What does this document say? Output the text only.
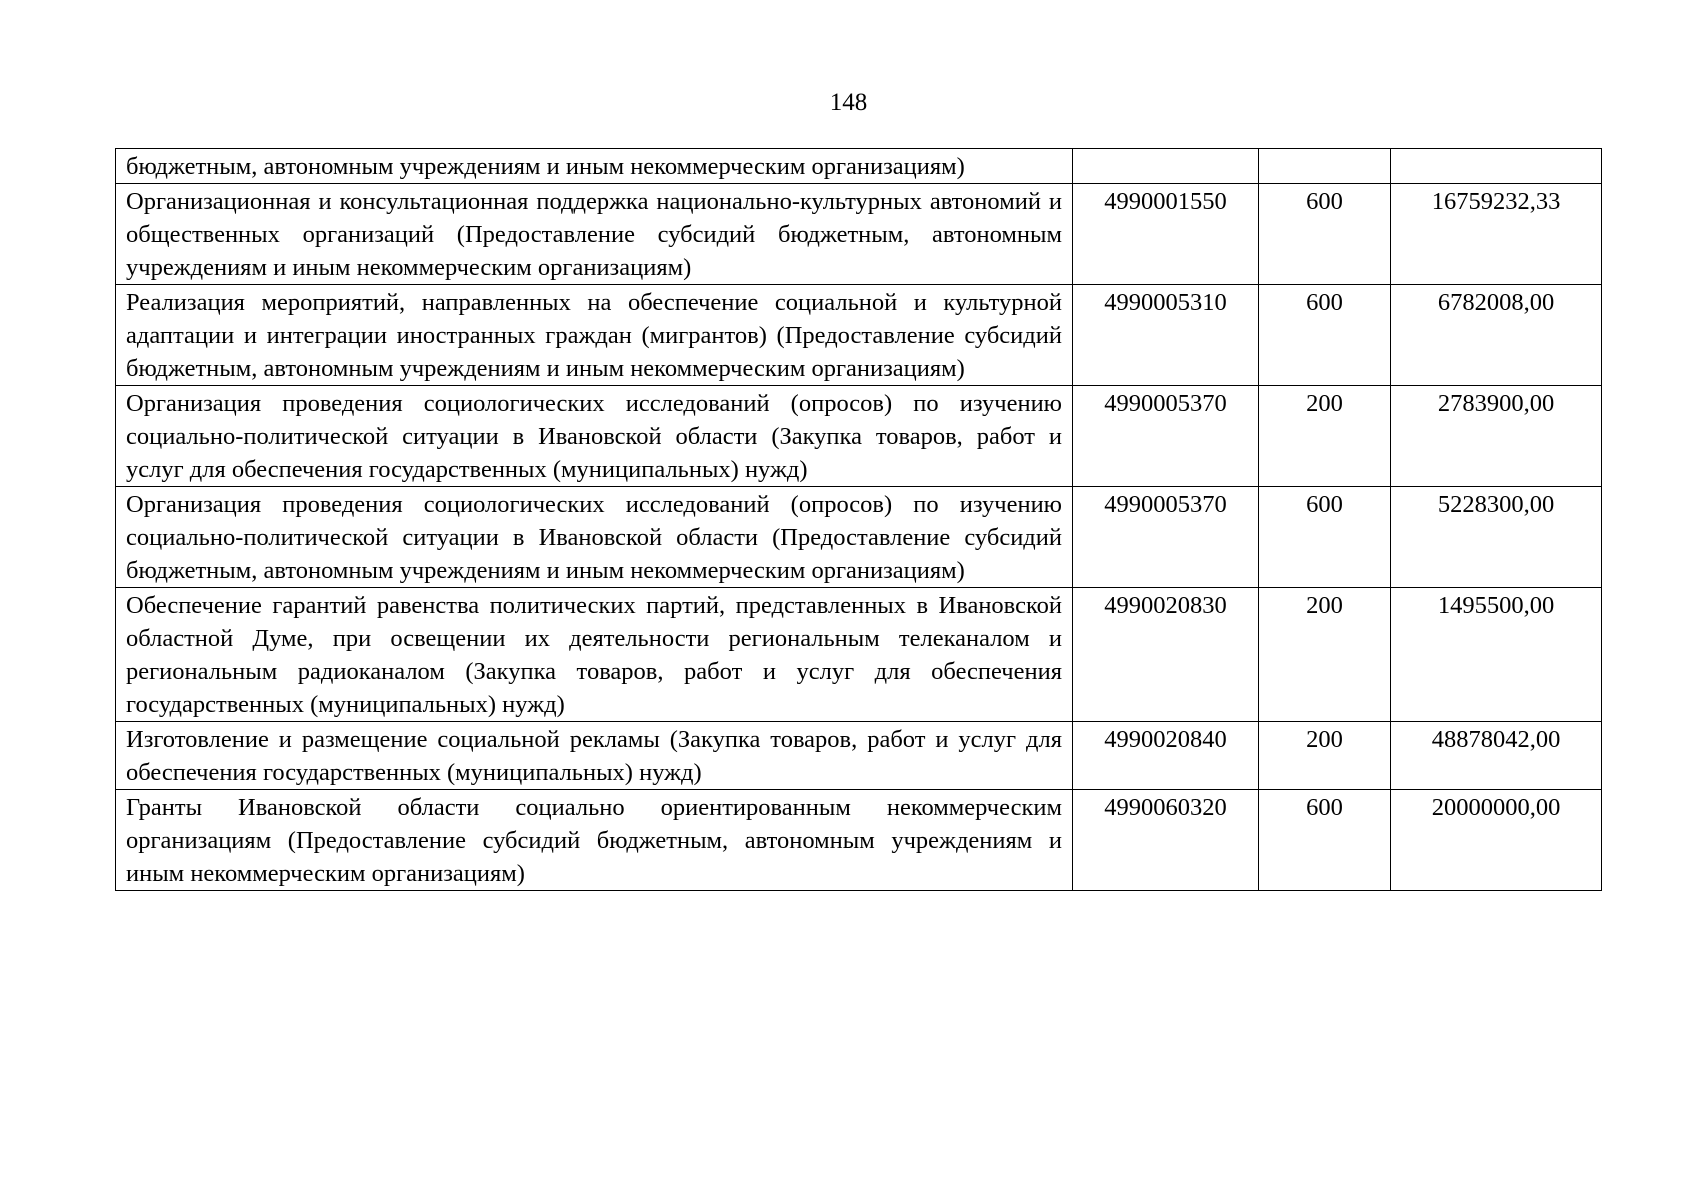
148
бюджетным, автономным учреждениям и иным некоммерческим организациям)			
Организационная и консультационная поддержка национально-культурных автономий и общественных организаций (Предоставление субсидий бюджетным, автономным учреждениям и иным некоммерческим организациям)	4990001550	600	16759232,33
Реализация мероприятий, направленных на обеспечение социальной и культурной адаптации и интеграции иностранных граждан (мигрантов) (Предоставление субсидий бюджетным, автономным учреждениям и иным некоммерческим организациям)	4990005310	600	6782008,00
Организация проведения социологических исследований (опросов) по изучению социально-политической ситуации в Ивановской области (Закупка товаров, работ и услуг для обеспечения государственных (муниципальных) нужд)	4990005370	200	2783900,00
Организация проведения социологических исследований (опросов) по изучению социально-политической ситуации в Ивановской области (Предоставление субсидий бюджетным, автономным учреждениям и иным некоммерческим организациям)	4990005370	600	5228300,00
Обеспечение гарантий равенства политических партий, представленных в Ивановской областной Думе, при освещении их деятельности региональным телеканалом и региональным радиоканалом (Закупка товаров, работ и услуг для обеспечения государственных (муниципальных) нужд)	4990020830	200	1495500,00
Изготовление и размещение социальной рекламы (Закупка товаров, работ и услуг для обеспечения государственных (муниципальных) нужд)	4990020840	200	48878042,00
Гранты Ивановской области социально ориентированным некоммерческим организациям (Предоставление субсидий бюджетным, автономным учреждениям и иным некоммерческим организациям)	4990060320	600	20000000,00
